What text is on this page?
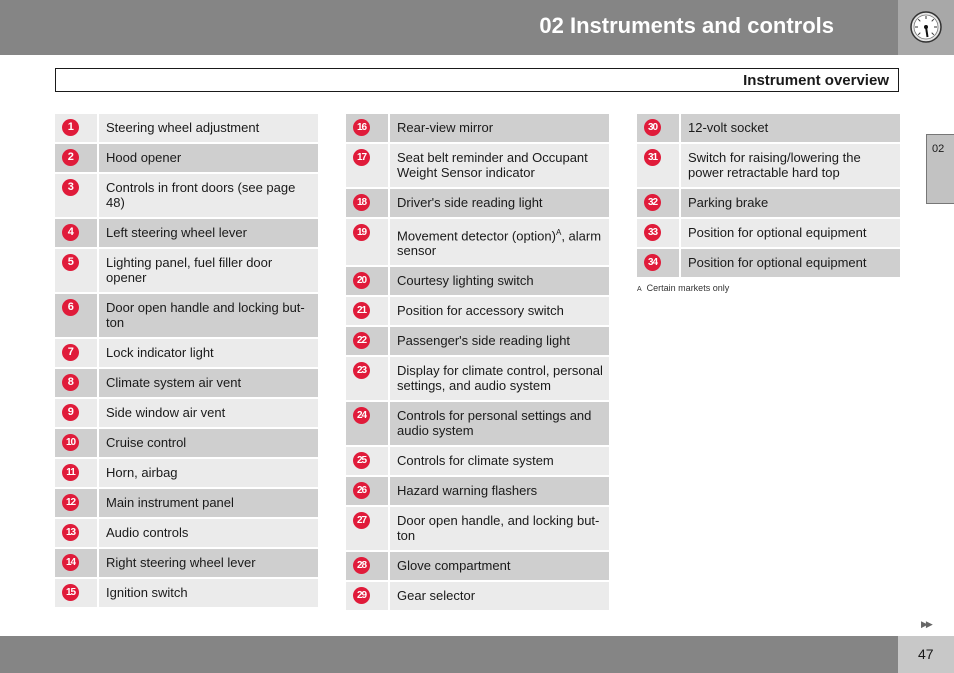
02 Instruments and controls
Instrument overview
02
1	Steering wheel adjustment
2	Hood opener
3	Controls in front doors (see page 48)
4	Left steering wheel lever
5	Lighting panel, fuel filler door opener
6	Door open handle and locking but-ton
7	Lock indicator light
8	Climate system air vent
9	Side window air vent
10	Cruise control
11	Horn, airbag
12	Main instrument panel
13	Audio controls
14	Right steering wheel lever
15	Ignition switch
16	Rear-view mirror
17	Seat belt reminder and Occupant Weight Sensor indicator
18	Driver's side reading light
19	Movement detector (option)$^A$, alarm sensor
20	Courtesy lighting switch
21	Position for accessory switch
22	Passenger's side reading light
23	Display for climate control, personal settings, and audio system
24	Controls for personal settings and audio system
25	Controls for climate system
26	Hazard warning flashers
27	Door open handle, and locking but-ton
28	Glove compartment
29	Gear selector
30	12-volt socket
31	Switch for raising/lowering the power retractable hard top
32	Parking brake
33	Position for optional equipment
34	Position for optional equipment
A Certain markets only
▶▶
47
